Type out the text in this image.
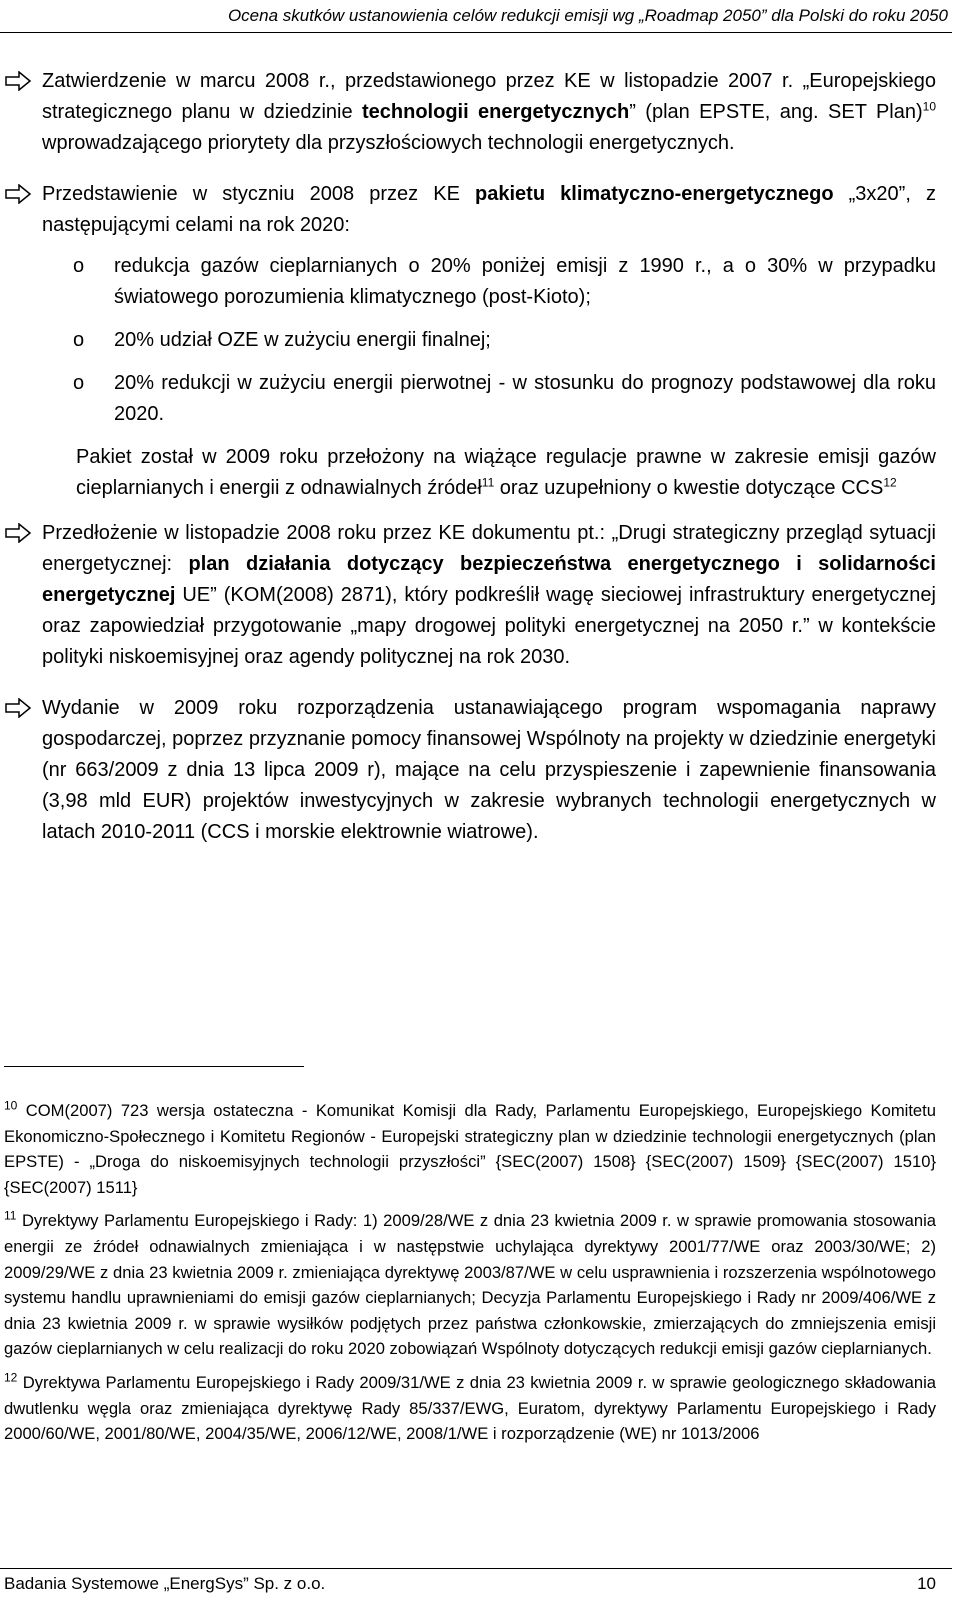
Ocena skutków ustanowienia celów redukcji emisji wg „Roadmap 2050” dla Polski do roku 2050
Zatwierdzenie w marcu 2008 r., przedstawionego przez KE w listopadzie 2007 r. „Europejskiego strategicznego planu w dziedzinie technologii energetycznych” (plan EPSTE, ang. SET Plan)$^{10}$ wprowadzającego priorytety dla przyszłościowych technologii energetycznych.
Przedstawienie w styczniu 2008 przez KE pakietu klimatyczno-energetycznego „3x20”, z następującymi celami na rok 2020:
o redukcja gazów cieplarnianych o 20% poniżej emisji z 1990 r., a o 30% w przypadku światowego porozumienia klimatycznego (post-Kioto);
o 20% udział OZE w zużyciu energii finalnej;
o 20% redukcji w zużyciu energii pierwotnej - w stosunku do prognozy podstawowej dla roku 2020.
Pakiet został w 2009 roku przełożony na wiążące regulacje prawne w zakresie emisji gazów cieplarnianych i energii z odnawialnych źródeł$^{11}$ oraz uzupełniony o kwestie dotyczące CCS$^{12}$
Przedłożenie w listopadzie 2008 roku przez KE dokumentu pt.: „Drugi strategiczny przegląd sytuacji energetycznej: plan działania dotyczący bezpieczeństwa energetycznego i solidarności energetycznej UE” (KOM(2008) 2871), który podkreślił wagę sieciowej infrastruktury energetycznej oraz zapowiedział przygotowanie „mapy drogowej polityki energetycznej na 2050 r.” w kontekście polityki niskoemisyjnej oraz agendy politycznej na rok 2030.
Wydanie w 2009 roku rozporządzenia ustanawiającego program wspomagania naprawy gospodarczej, poprzez przyznanie pomocy finansowej Wspólnoty na projekty w dziedzinie energetyki (nr 663/2009 z dnia 13 lipca 2009 r), mające na celu przyspieszenie i zapewnienie finansowania (3,98 mld EUR) projektów inwestycyjnych w zakresie wybranych technologii energetycznych w latach 2010-2011 (CCS i morskie elektrownie wiatrowe).
$^{10}$ COM(2007) 723 wersja ostateczna - Komunikat Komisji dla Rady, Parlamentu Europejskiego, Europejskiego Komitetu Ekonomiczno-Społecznego i Komitetu Regionów - Europejski strategiczny plan w dziedzinie technologii energetycznych (plan EPSTE) - „Droga do niskoemisyjnych technologii przyszłości” {SEC(2007) 1508} {SEC(2007) 1509} {SEC(2007) 1510} {SEC(2007) 1511}
$^{11}$ Dyrektywy Parlamentu Europejskiego i Rady: 1) 2009/28/WE z dnia 23 kwietnia 2009 r. w sprawie promowania stosowania energii ze źródeł odnawialnych zmieniająca i w następstwie uchylająca dyrektywy 2001/77/WE oraz 2003/30/WE; 2) 2009/29/WE z dnia 23 kwietnia 2009 r. zmieniająca dyrektywę 2003/87/WE w celu usprawnienia i rozszerzenia wspólnotowego systemu handlu uprawnieniami do emisji gazów cieplarnianych; Decyzja Parlamentu Europejskiego i Rady nr 2009/406/WE z dnia 23 kwietnia 2009 r. w sprawie wysiłków podjętych przez państwa członkowskie, zmierzających do zmniejszenia emisji gazów cieplarnianych w celu realizacji do roku 2020 zobowiązań Wspólnoty dotyczących redukcji emisji gazów cieplarnianych.
$^{12}$ Dyrektywa Parlamentu Europejskiego i Rady 2009/31/WE z dnia 23 kwietnia 2009 r. w sprawie geologicznego składowania dwutlenku węgla oraz zmieniająca dyrektywę Rady 85/337/EWG, Euratom, dyrektywy Parlamentu Europejskiego i Rady 2000/60/WE, 2001/80/WE, 2004/35/WE, 2006/12/WE, 2008/1/WE i rozporządzenie (WE) nr 1013/2006
Badania Systemowe „EnergSys” Sp. z o.o.	10
